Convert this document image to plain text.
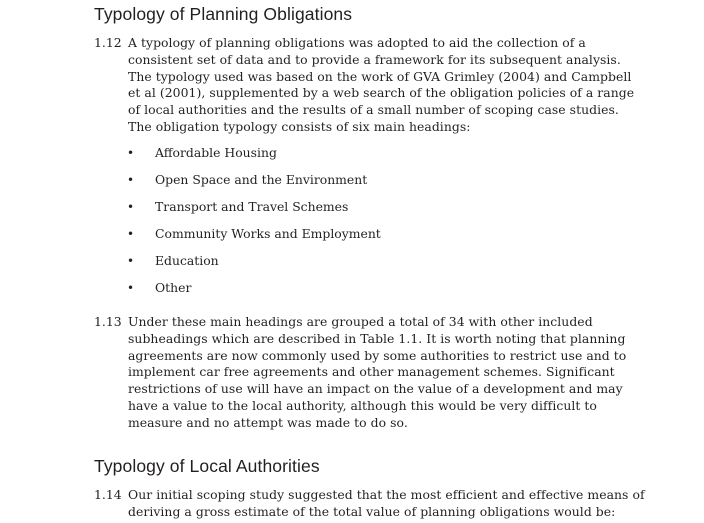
Typology of Planning Obligations
1.12 A typology of planning obligations was adopted to aid the collection of a
consistent set of data and to provide a framework for its subsequent analysis.
The typology used was based on the work of GVA Grimley (2004) and Campbell
et al (2001), supplemented by a web search of the obligation policies of a range
of local authorities and the results of a small number of scoping case studies.
The obligation typology consists of six main headings:
• Affordable Housing
• Open Space and the Environment
• Transport and Travel Schemes
• Community Works and Employment
• Education
• Other
1.13 Under these main headings are grouped a total of 34 with other included
subheadings which are described in Table 1.1. It is worth noting that planning
agreements are now commonly used by some authorities to restrict use and to
implement car free agreements and other management schemes. Significant
restrictions of use will have an impact on the value of a development and may
have a value to the local authority, although this would be very difficult to
measure and no attempt was made to do so.
Typology of Local Authorities
1.14 Our initial scoping study suggested that the most efficient and effective means of
deriving a gross estimate of the total value of planning obligations would be:
